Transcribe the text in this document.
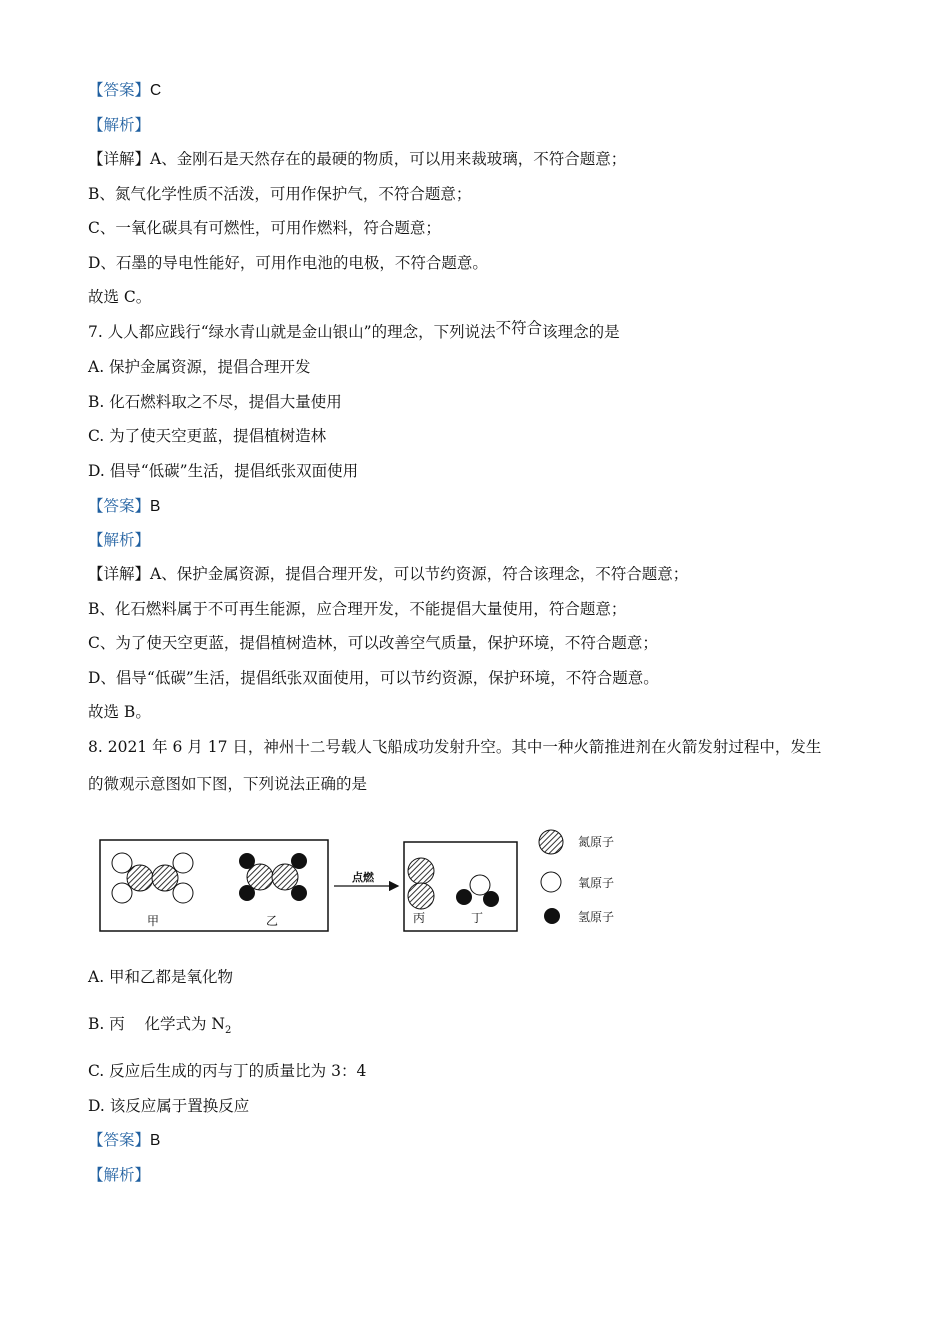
【答案】C
【解析】
【详解】A、金刚石是天然存在的最硬的物质，可以用来裁玻璃，不符合题意；
B、氮气化学性质不活泼，可用作保护气，不符合题意；
C、一氧化碳具有可燃性，可用作燃料，符合题意；
D、石墨的导电性能好，可用作电池的电极，不符合题意。
故选 C。
7. 人人都应践行“绿水青山就是金山银山”的理念，下列说法不符合该理念的是
A. 保护金属资源，提倡合理开发
B. 化石燃料取之不尽，提倡大量使用
C. 为了使天空更蓝，提倡植树造林
D. 倡导“低碳”生活，提倡纸张双面使用
【答案】B
【解析】
【详解】A、保护金属资源，提倡合理开发，可以节约资源，符合该理念，不符合题意；
B、化石燃料属于不可再生能源，应合理开发，不能提倡大量使用，符合题意；
C、为了使天空更蓝，提倡植树造林，可以改善空气质量，保护环境，不符合题意；
D、倡导“低碳”生活，提倡纸张双面使用，可以节约资源，保护环境，不符合题意。
故选 B。
8. 2021 年 6 月 17 日，神州十二号载人飞船成功发射升空。其中一种火箭推进剂在火箭发射过程中，发生
的微观示意图如下图，下列说法正确的是
甲	乙
点燃
丙	丁
氮原子
氧原子
氢原子
A. 甲和乙都是氧化物
B. 丙 化学式为 $N_2$
C. 反应后生成的丙与丁的质量比为 3：4
D. 该反应属于置换反应
【答案】B
【解析】
